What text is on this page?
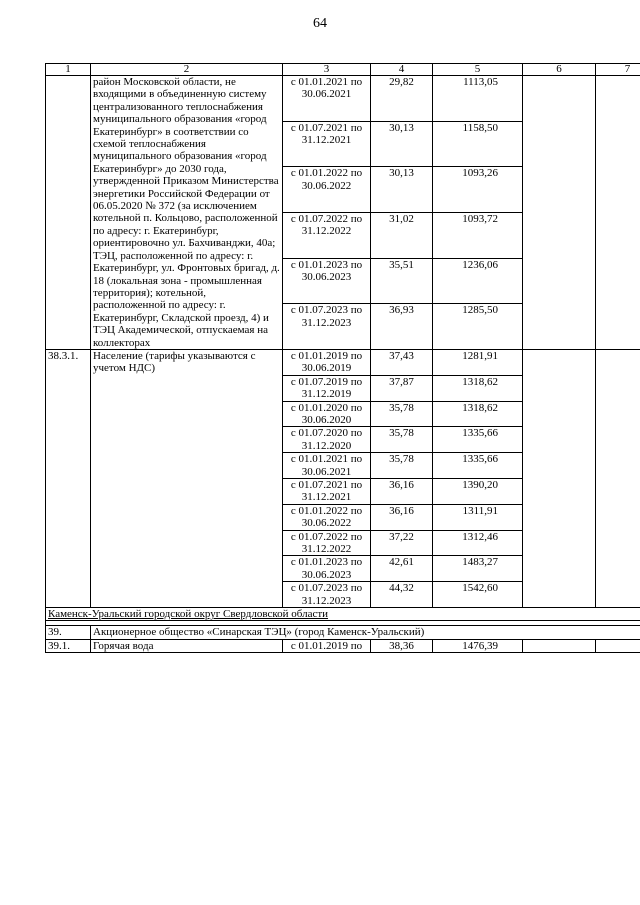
64
1	2	3	4	5	6	7
	район Московской области, не входящими в объединенную систему централизованного теплоснабжения муниципального образования «город Екатеринбург» в соответствии со схемой теплоснабжения муниципального образования «город Екатеринбург» до 2030 года, утвержденной Приказом Министерства энергетики Российской Федерации от 06.05.2020 № 372 (за исключением котельной п. Кольцово, расположенной по адресу: г. Екатеринбург, ориентировочно ул. Бахчиванджи, 40а; ТЭЦ, расположенной по адресу: г. Екатеринбург, ул. Фронтовых бригад, д. 18 (локальная зона - промышленная территория); котельной, расположенной по адресу: г. Екатеринбург, Складской проезд, 4) и ТЭЦ Академической, отпускаемая на коллекторах	с 01.01.2021 по 30.06.2021	29,82	1113,05		
		с 01.07.2021 по 31.12.2021	30,13	1158,50		
		с 01.01.2022 по 30.06.2022	30,13	1093,26		
		с 01.07.2022 по 31.12.2022	31,02	1093,72		
		с 01.01.2023 по 30.06.2023	35,51	1236,06		
		с 01.07.2023 по 31.12.2023	36,93	1285,50		
38.3.1.	Население (тарифы указываются с учетом НДС)	с 01.01.2019 по 30.06.2019	37,43	1281,91		
		с 01.07.2019 по 31.12.2019	37,87	1318,62		
		с 01.01.2020 по 30.06.2020	35,78	1318,62		
		с 01.07.2020 по 31.12.2020	35,78	1335,66		
		с 01.01.2021 по 30.06.2021	35,78	1335,66		
		с 01.07.2021 по 31.12.2021	36,16	1390,20		
		с 01.01.2022 по 30.06.2022	36,16	1311,91		
		с 01.07.2022 по 31.12.2022	37,22	1312,46		
		с 01.01.2023 по 30.06.2023	42,61	1483,27		
		с 01.07.2023 по 31.12.2023	44,32	1542,60		
Каменск-Уральский городской округ Свердловской области						

39.	Акционерное общество «Синарская ТЭЦ» (город Каменск-Уральский)					
39.1.	Горячая вода	с 01.01.2019 по	38,36	1476,39		
